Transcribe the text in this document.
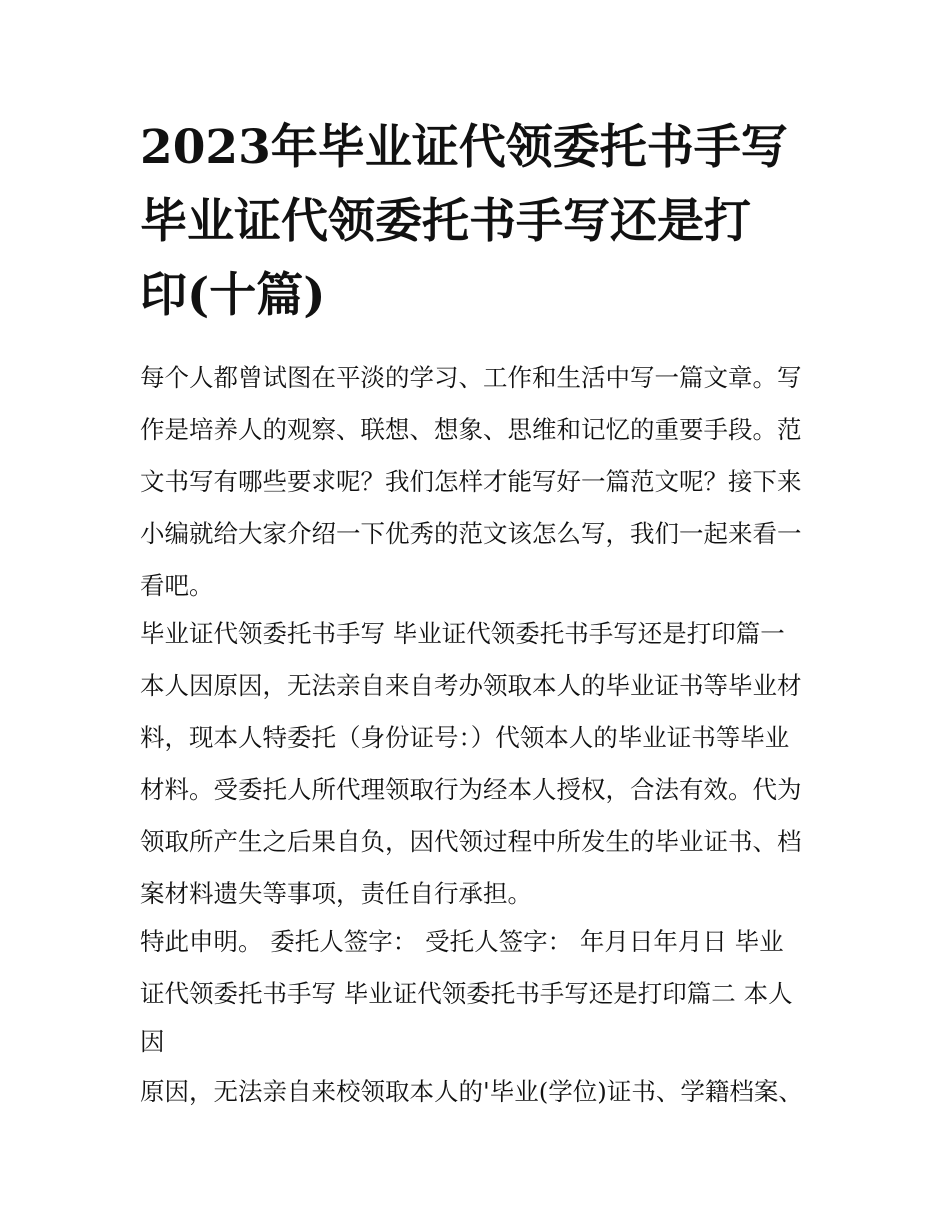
2023年毕业证代领委托书手写
毕业证代领委托书手写还是打
印(十篇)

每个人都曾试图在平淡的学习、工作和生活中写一篇文章。写

作是培养人的观察、联想、想象、思维和记忆的重要手段。范

文书写有哪些要求呢？我们怎样才能写好一篇范文呢？接下来

小编就给大家介绍一下优秀的范文该怎么写，我们一起来看一

看吧。

毕业证代领委托书手写 毕业证代领委托书手写还是打印篇一

本人因原因，无法亲自来自考办领取本人的毕业证书等毕业材

料，现本人特委托（身份证号：）代领本人的毕业证书等毕业

材料。受委托人所代理领取行为经本人授权，合法有效。代为

领取所产生之后果自负，因代领过程中所发生的毕业证书、档

案材料遗失等事项，责任自行承担。

特此申明。 委托人签字： 受托人签字： 年月日年月日 毕业

证代领委托书手写 毕业证代领委托书手写还是打印篇二 本人

因

原因，无法亲自来校领取本人的'毕业(学位)证书、学籍档案、
